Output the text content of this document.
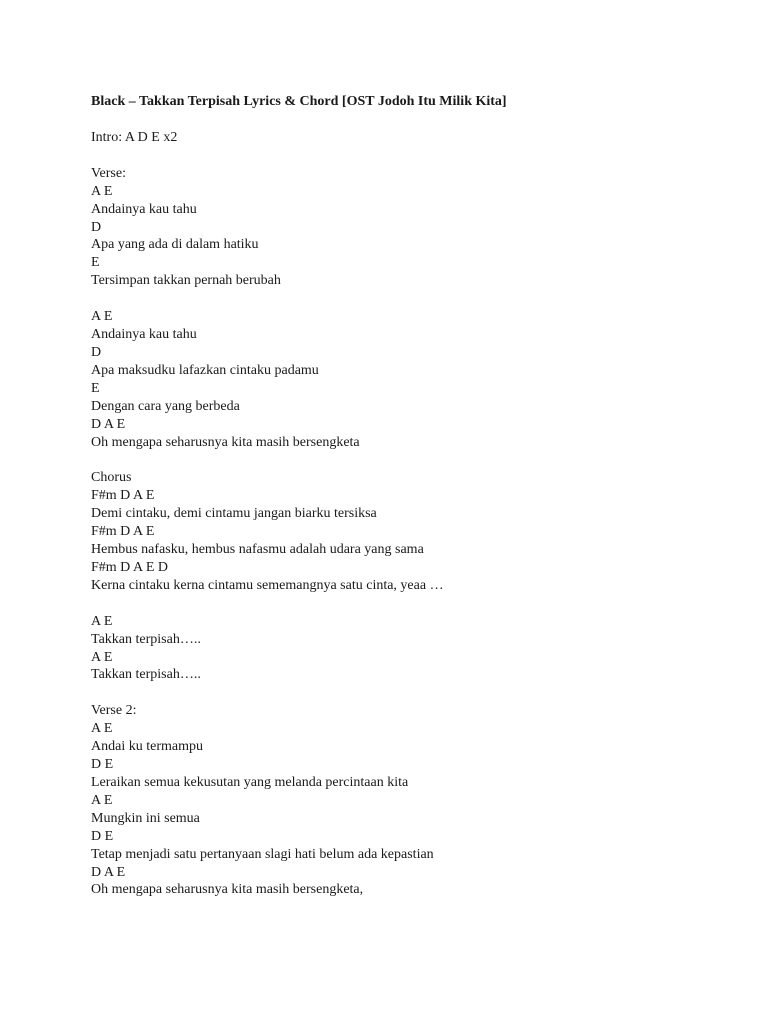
Black – Takkan Terpisah Lyrics & Chord [OST Jodoh Itu Milik Kita]
Intro: A D E x2
Verse:
A E
Andainya kau tahu
D
Apa yang ada di dalam hatiku
E
Tersimpan takkan pernah berubah
A E
Andainya kau tahu
D
Apa maksudku lafazkan cintaku padamu
E
Dengan cara yang berbeda
D A E
Oh mengapa seharusnya kita masih bersengketa
Chorus
F#m D A E
Demi cintaku, demi cintamu jangan biarku tersiksa
F#m D A E
Hembus nafasku, hembus nafasmu adalah udara yang sama
F#m D A E D
Kerna cintaku kerna cintamu sememangnya satu cinta, yeaa …
A E
Takkan terpisah…..
A E
Takkan terpisah…..
Verse 2:
A E
Andai ku termampu
D E
Leraikan semua kekusutan yang melanda percintaan kita
A E
Mungkin ini semua
D E
Tetap menjadi satu pertanyaan slagi hati belum ada kepastian
D A E
Oh mengapa seharusnya kita masih bersengketa,
